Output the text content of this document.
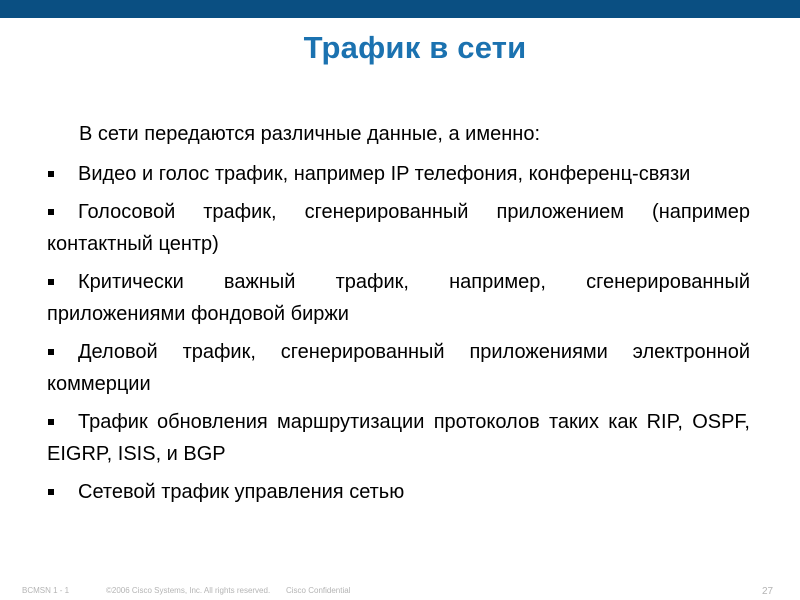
Трафик в сети
В сети передаются различные данные, а именно:
Видео и голос трафик, например IP телефония, конференц-связи
Голосовой трафик, сгенерированный приложением (например контактный центр)
Критически важный трафик, например, сгенерированный приложениями фондовой биржи
Деловой трафик, сгенерированный приложениями электронной коммерции
Трафик обновления маршрутизации протоколов таких как RIP, OSPF, EIGRP, ISIS, и BGP
Сетевой трафик управления сетью
BCMSN 1 - 1	©2006 Cisco Systems, Inc. All rights reserved. Cisco Confidential	27
